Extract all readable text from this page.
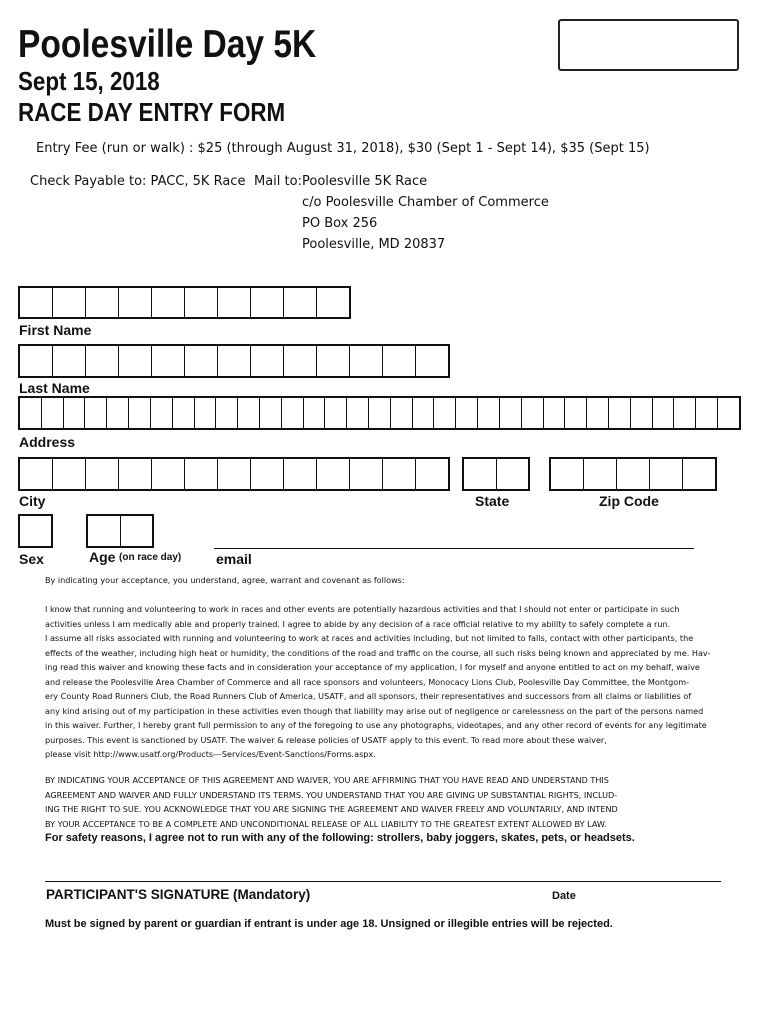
Poolesville Day 5K
Sept 15, 2018
RACE DAY ENTRY FORM
Entry Fee (run or walk) : $25 (through August 31, 2018), $30 (Sept 1 - Sept 14), $35 (Sept 15)
Check Payable to: PACC, 5K Race Mail to: Poolesville 5K Race
c/o Poolesville Chamber of Commerce
PO Box 256
Poolesville, MD 20837
First Name
Last Name
Address
City	State	Zip Code
Sex	Age (on race day) email
By indicating your acceptance, you understand, agree, warrant and covenant as follows:
I know that running and volunteering to work in races and other events are potentially hazardous activities and that I should not enter or participate in such
activities unless I am medically able and properly trained. I agree to abide by any decision of a race official relative to my ability to safely complete a run.
I assume all risks associated with running and volunteering to work at races and activities including, but not limited to falls, contact with other participants, the
effects of the weather, including high heat or humidity, the conditions of the road and traffic on the course, all such risks being known and appreciated by me. Hav-
ing read this waiver and knowing these facts and in consideration your acceptance of my application, I for myself and anyone entitled to act on my behalf, waive
and release the Poolesville Area Chamber of Commerce and all race sponsors and volunteers, Monocacy Lions Club, Poolesville Day Committee, the Montgom-
ery County Road Runners Club, the Road Runners Club of America, USATF, and all sponsors, their representatives and successors from all claims or liabilities of
any kind arising out of my participation in these activities even though that liability may arise out of negligence or carelessness on the part of the persons named
in this waiver. Further, I hereby grant full permission to any of the foregoing to use any photographs, videotapes, and any other record of events for any legitimate
purposes. This event is sanctioned by USATF. The waiver & release policies of USATF apply to this event. To read more about these waiver,
please visit http://www.usatf.org/Products---Services/Event-Sanctions/Forms.aspx.
BY INDICATING YOUR ACCEPTANCE OF THIS AGREEMENT AND WAIVER, YOU ARE AFFIRMING THAT YOU HAVE READ AND UNDERSTAND THIS
AGREEMENT AND WAIVER AND FULLY UNDERSTAND ITS TERMS. YOU UNDERSTAND THAT YOU ARE GIVING UP SUBSTANTIAL RIGHTS, INCLUD-
ING THE RIGHT TO SUE. YOU ACKNOWLEDGE THAT YOU ARE SIGNING THE AGREEMENT AND WAIVER FREELY AND VOLUNTARILY, AND INTEND
BY YOUR ACCEPTANCE TO BE A COMPLETE AND UNCONDITIONAL RELEASE OF ALL LIABILITY TO THE GREATEST EXTENT ALLOWED BY LAW.
For safety reasons, I agree not to run with any of the following: strollers, baby joggers, skates, pets, or headsets.
PARTICIPANT'S SIGNATURE (Mandatory)	Date
Must be signed by parent or guardian if entrant is under age 18. Unsigned or illegible entries will be rejected.
